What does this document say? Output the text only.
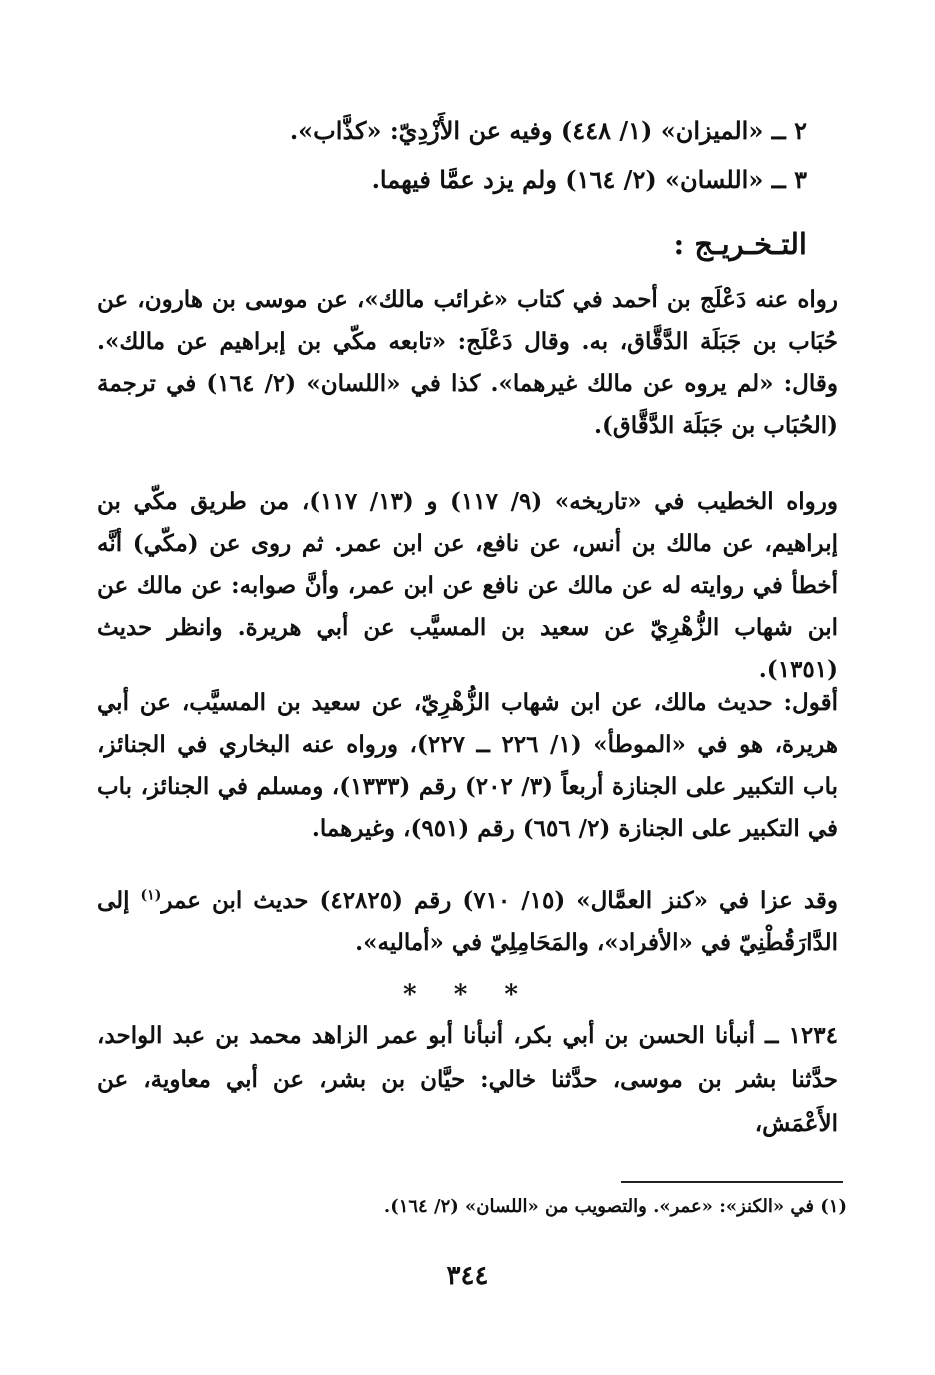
٢ ــ «الميزان» (١/ ٤٤٨) وفيه عن الأَزْدِيّ: «كذَّاب».
٣ ــ «اللسان» (٢/ ١٦٤) ولم يزد عمَّا فيهما.
التـخـريـج :
رواه عنه دَعْلَج بن أحمد في كتاب «غرائب مالك»، عن موسى بن هارون، عن حُبَاب بن جَبَلَة الدَّقَّاق، به. وقال دَعْلَج: «تابعه مكّي بن إبراهيم عن مالك». وقال: «لم يروه عن مالك غيرهما». كذا في «اللسان» (٢/ ١٦٤) في ترجمة (الحُبَاب بن جَبَلَة الدَّقَّاق).
ورواه الخطيب في «تاريخه» (٩/ ١١٧) و (١٣/ ١١٧)، من طريق مكّي بن إبراهيم، عن مالك بن أنس، عن نافع، عن ابن عمر. ثم روى عن (مكّي) أنَّه أخطأ في روايته له عن مالك عن نافع عن ابن عمر، وأنَّ صوابه: عن مالك عن ابن شهاب الزُّهْرِيّ عن سعيد بن المسيَّب عن أبي هريرة. وانظر حديث (١٣٥١).
أقول: حديث مالك، عن ابن شهاب الزُّهْرِيّ، عن سعيد بن المسيَّب، عن أبي هريرة، هو في «الموطأ» (١/ ٢٢٦ ــ ٢٢٧)، ورواه عنه البخاري في الجنائز، باب التكبير على الجنازة أربعاً (٣/ ٢٠٢) رقم (١٣٣٣)، ومسلم في الجنائز، باب في التكبير على الجنازة (٢/ ٦٥٦) رقم (٩٥١)، وغيرهما.
وقد عزا في «كنز العمَّال» (١٥/ ٧١٠) رقم (٤٢٨٢٥) حديث ابن عمر$^{(١)}$ إلى الدَّارَقُطْنِيّ في «الأفراد»، والمَحَامِلِيّ في «أماليه».
* * *
١٢٣٤ ــ أنبأنا الحسن بن أبي بكر، أنبأنا أبو عمر الزاهد محمد بن عبد الواحد، حدَّثنا بشر بن موسى، حدَّثنا خالي: حيَّان بن بشر، عن أبي معاوية، عن الأَعْمَش،
(١) في «الكنز»: «عمر». والتصويب من «اللسان» (٢/ ١٦٤).
٣٤٤
